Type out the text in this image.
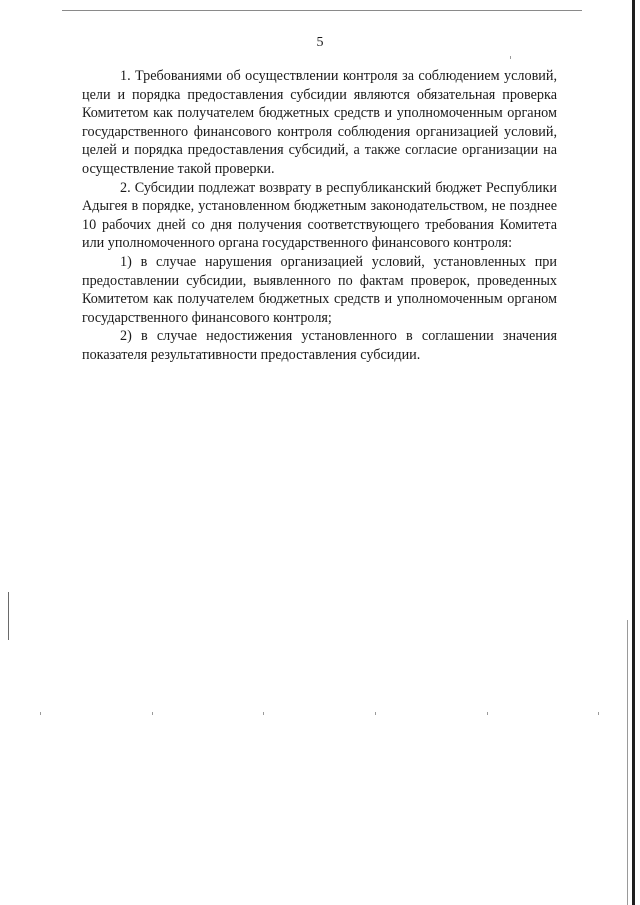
5

1. Требованиями об осуществлении контроля за соблюдением условий, цели и порядка предоставления субсидии являются обязательная проверка Комитетом как получателем бюджетных средств и уполномоченным органом государственного финансового контроля соблюдения организацией условий, целей и порядка предоставления субсидий, а также согласие организации на осуществление такой проверки.

2. Субсидии подлежат возврату в республиканский бюджет Республики Адыгея в порядке, установленном бюджетным законодательством, не позднее 10 рабочих дней со дня получения соответствующего требования Комитета или уполномоченного органа государственного финансового контроля:

1) в случае нарушения организацией условий, установленных при предоставлении субсидии, выявленного по фактам проверок, проведенных Комитетом как получателем бюджетных средств и уполномоченным органом государственного финансового контроля;

2) в случае недостижения установленного в соглашении значения показателя результативности предоставления субсидии.
